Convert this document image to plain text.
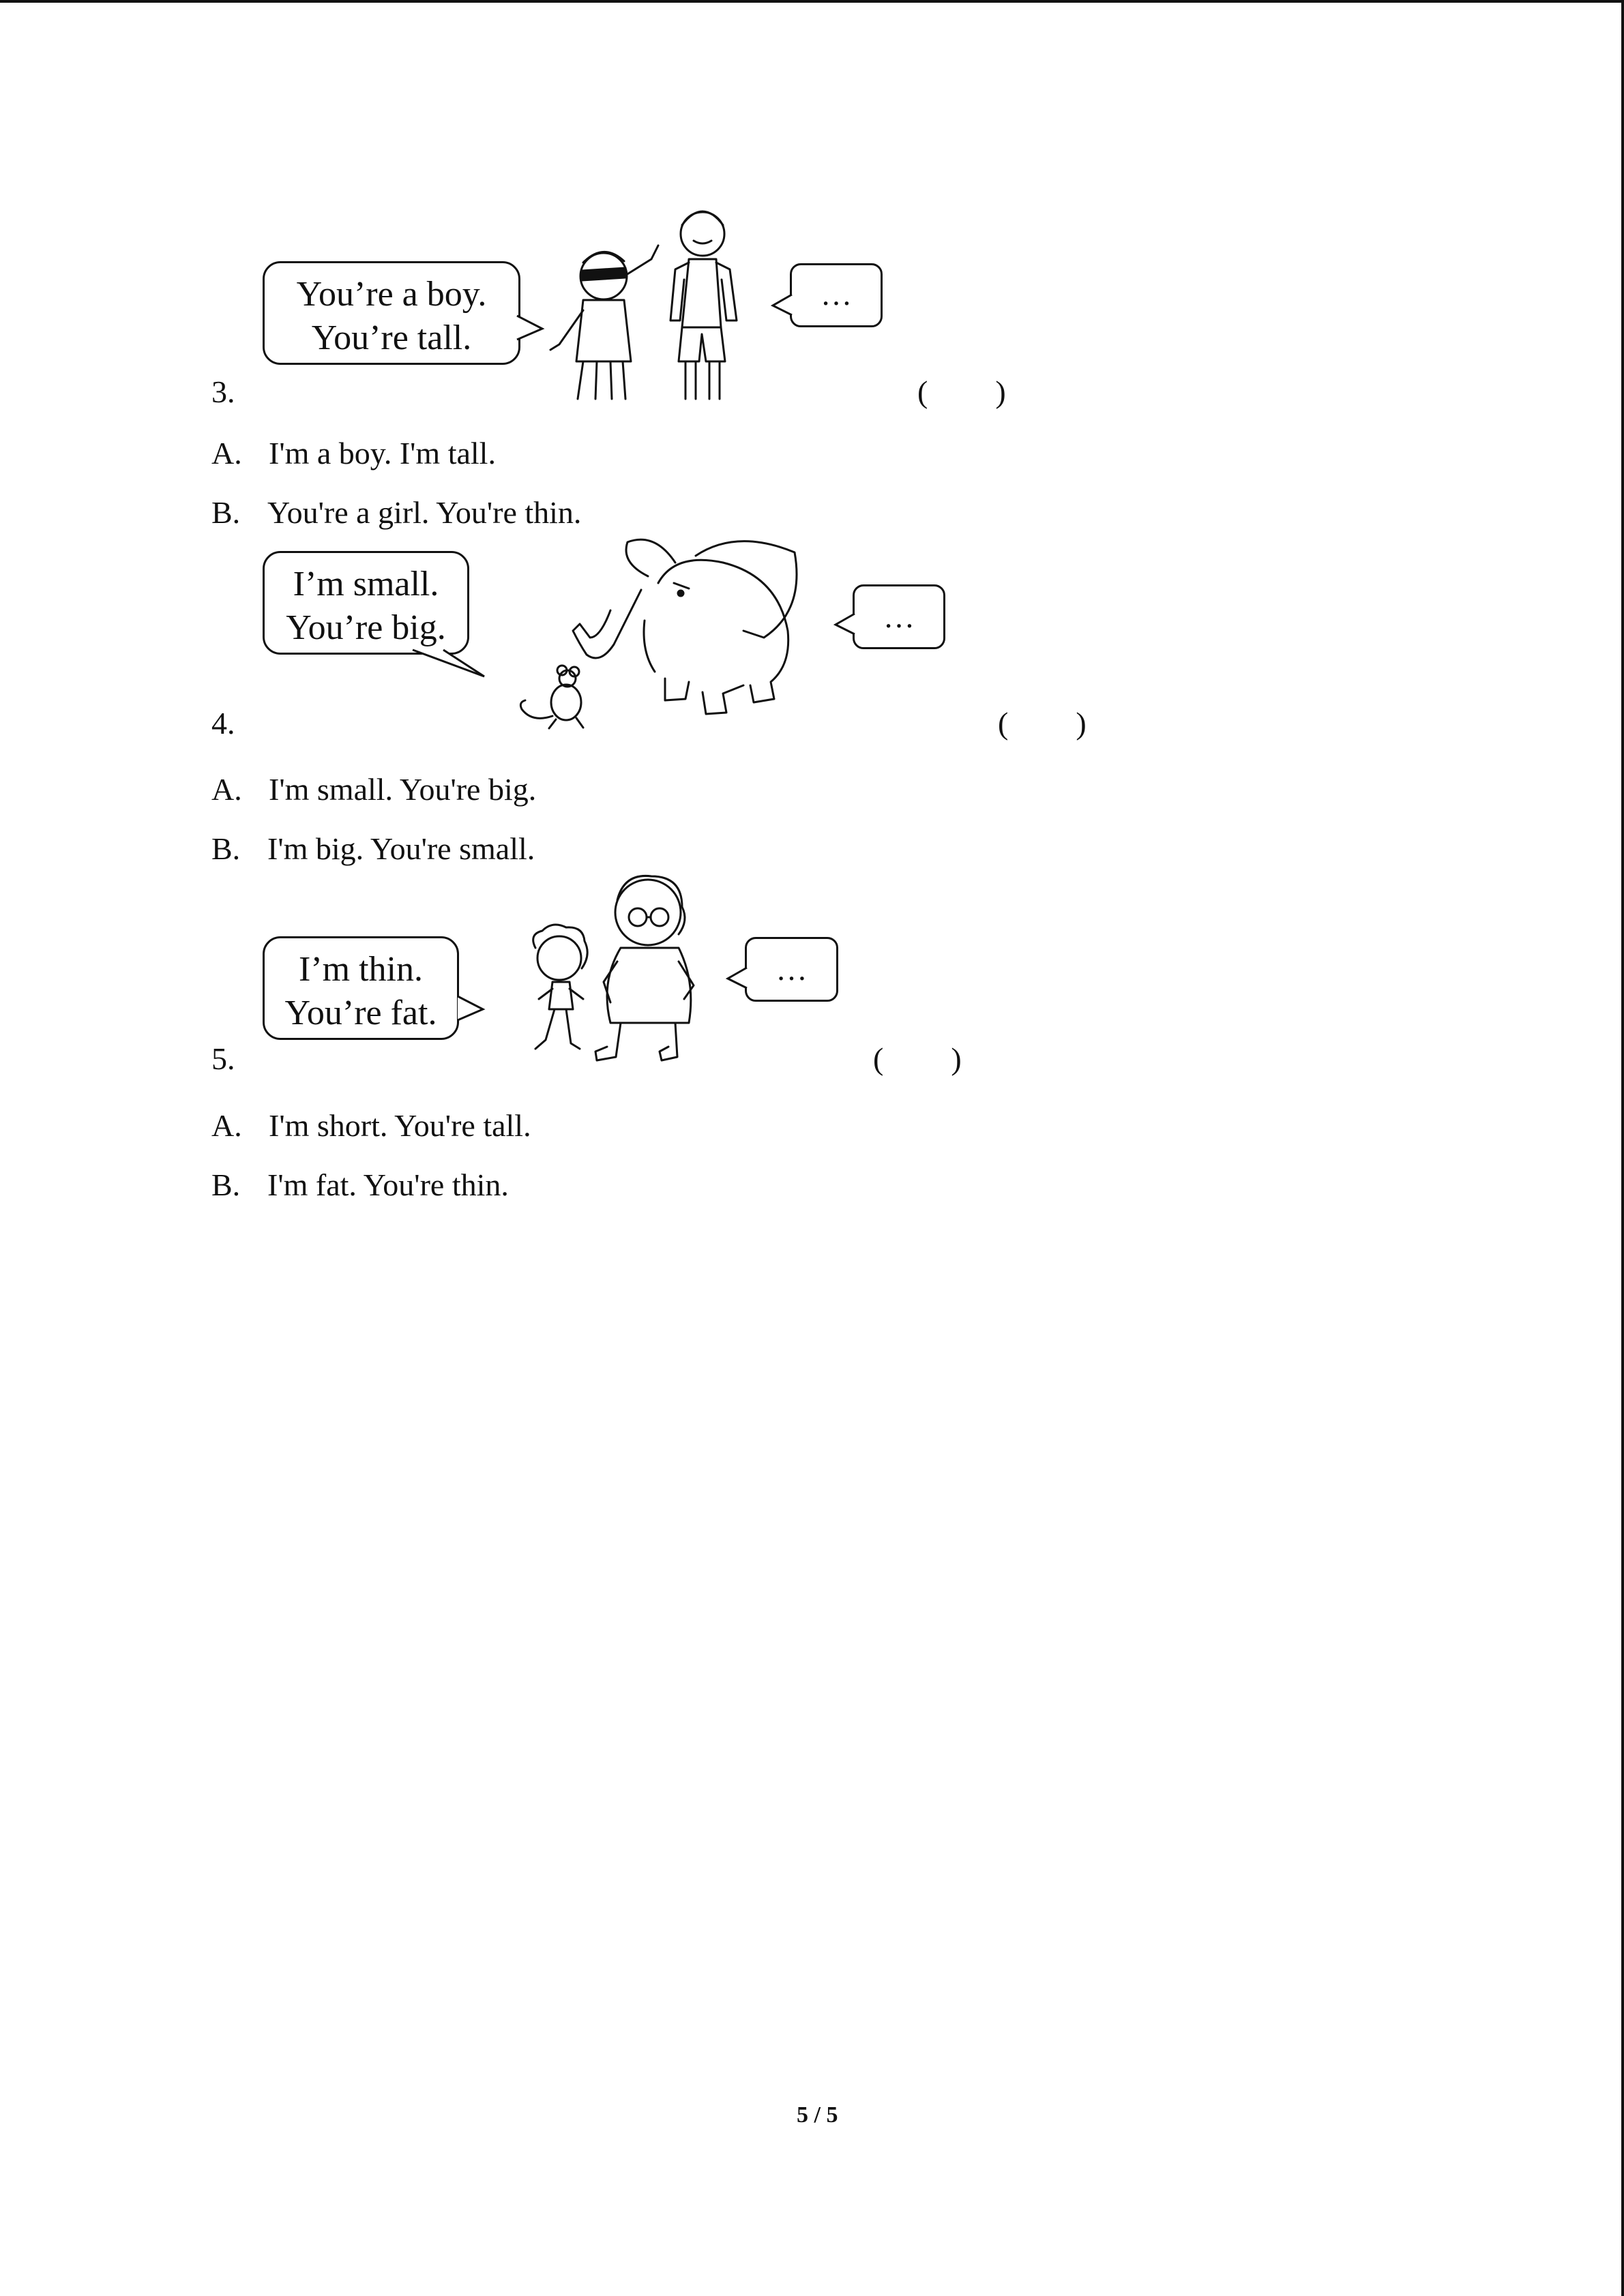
You’re a boy.
You’re tall.
…
3.	( )
A. I'm a boy. I'm tall.
B. You're a girl. You're thin.
I’m small.
You’re big.	…
4.	( )
A. I'm small. You're big.
B. I'm big. You're small.
I’m thin.
You’re fat.
…
5.	( )
A. I'm short. You're tall.
B. I'm fat. You're thin.
5 / 5
